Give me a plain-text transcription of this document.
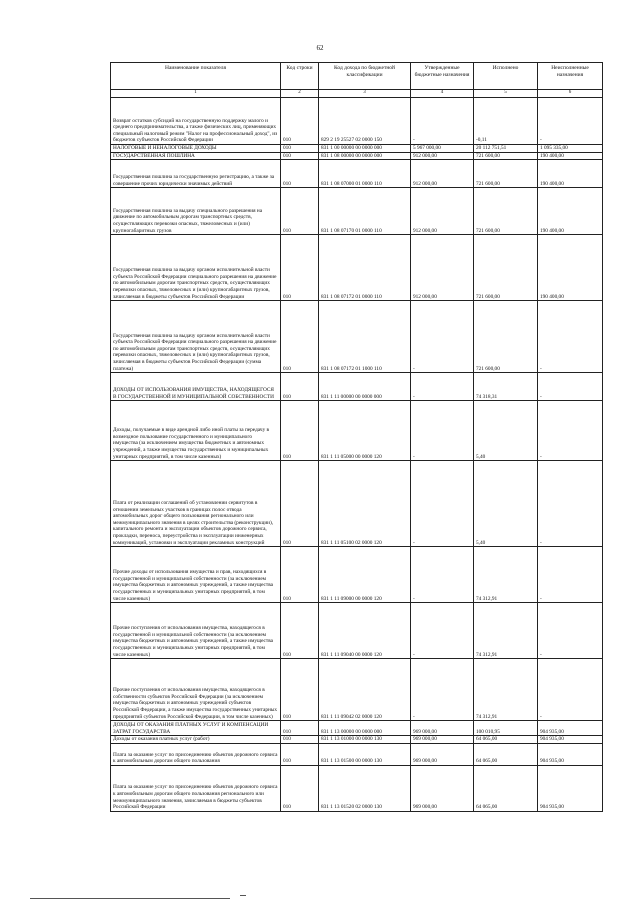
62
Наименование показателя	Код строки	Код дохода по бюджетной классификации	Утвержденные бюджетные назначения	Исполнено	Неисполненные назначения
1	2	3	4	5	6

Возврат остатков субсидий на государственную поддержку малого и среднего предпринимательства, а также физических лиц, применяющих специальный налоговый режим "Налог на профессиональный доход", из бюджетов субъектов Российской Федерации	010	829 2 19 25527 02 0000 150	-	-0,11	-

НАЛОГОВЫЕ И НЕНАЛОГОВЫЕ ДОХОДЫ	010	831 1 00 00000 00 0000 000	5 967 000,00	20 112 751,51	1 095 335,00

ГОСУДАРСТВЕННАЯ ПОШЛИНА	010	831 1 08 00000 00 0000 000	912 000,00	721 600,00	190 400,00

Государственная пошлина за государственную регистрацию, а также за совершение прочих юридически значимых действий	010	831 1 08 07000 01 0000 110	912 000,00	721 600,00	190 400,00

Государственная пошлина за выдачу специального разрешения на движение по автомобильным дорогам транспортных средств, осуществляющих перевозки опасных, тяжеловесных и (или) крупногабаритных грузов	010	831 1 08 07170 01 0000 110	912 000,00	721 600,00	190 400,00

Государственная пошлина за выдачу органом исполнительной власти субъекта Российской Федерации специального разрешения на движение по автомобильным дорогам транспортных средств, осуществляющих перевозки опасных, тяжеловесных и (или) крупногабаритных грузов, зачисляемая в бюджеты субъектов Российской Федерации	010	831 1 08 07172 01 0000 110	912 000,00	721 600,00	190 400,00

Государственная пошлина за выдачу органом исполнительной власти субъекта Российской Федерации специального разрешения на движение по автомобильным дорогам транспортных средств, осуществляющих перевозки опасных, тяжеловесных и (или) крупногабаритных грузов, зачисляемая в бюджеты субъектов Российской Федерации (сумма платежа)	010	831 1 08 07172 01 1000 110	-	721 600,00	-

ДОХОДЫ ОТ ИСПОЛЬЗОВАНИЯ ИМУЩЕСТВА, НАХОДЯЩЕГОСЯ В ГОСУДАРСТВЕННОЙ И МУНИЦИПАЛЬНОЙ СОБСТВЕННОСТИ	010	831 1 11 00000 00 0000 000	-	74 318,31	-

Доходы, получаемые в виде арендной либо иной платы за передачу в возмездное пользование государственного и муниципального имущества (за исключением имущества бюджетных и автономных учреждений, а также имущества государственных и муниципальных унитарных предприятий, в том числе казенных)	010	831 1 11 05000 00 0000 120	-	5,40	-

Плата от реализации соглашений об установлении сервитутов в отношении земельных участков в границах полос отвода автомобильных дорог общего пользования регионального или межмуниципального значения в целях строительства (реконструкции), капитального ремонта и эксплуатации объектов дорожного сервиса, прокладки, переноса, переустройства и эксплуатации инженерных коммуникаций, установки и эксплуатации рекламных конструкций	010	831 1 11 05100 02 0000 120	-	5,40	-

Прочие доходы от использования имущества и прав, находящихся в государственной и муниципальной собственности (за исключением имущества бюджетных и автономных учреждений, а также имущества государственных и муниципальных унитарных предприятий, в том числе казенных)	010	831 1 11 09000 00 0000 120	-	74 312,91	-

Прочие поступления от использования имущества, находящегося в государственной и муниципальной собственности (за исключением имущества бюджетных и автономных учреждений, а также имущества государственных и муниципальных унитарных предприятий, в том числе казенных)	010	831 1 11 09040 00 0000 120	-	74 312,91	-

Прочие поступления от использования имущества, находящегося в собственности субъектов Российской Федерации (за исключением имущества бюджетных и автономных учреждений субъектов Российской Федерации, а также имущества государственных унитарных предприятий субъектов Российской Федерации, в том числе казенных)	010	831 1 11 09042 02 0000 120	-	74 312,91	-

ДОХОДЫ ОТ ОКАЗАНИЯ ПЛАТНЫХ УСЛУГ И КОМПЕНСАЦИИ ЗАТРАТ ГОСУДАРСТВА	010	831 1 13 00000 00 0000 000	969 000,00	100 010,95	904 935,00

Доходы от оказания платных услуг (работ)	010	831 1 13 01000 00 0000 130	969 000,00	64 065,00	904 935,00

Плата за оказание услуг по присоединению объектов дорожного сервиса к автомобильным дорогам общего пользования	010	831 1 13 01500 00 0000 130	969 000,00	64 065,00	904 935,00

Плата за оказание услуг по присоединению объектов дорожного сервиса к автомобильным дорогам общего пользования регионального или межмуниципального значения, зачисляемая в бюджеты субъектов Российской Федерации	010	831 1 13 01520 02 0000 130	969 000,00	64 065,00	904 935,00
